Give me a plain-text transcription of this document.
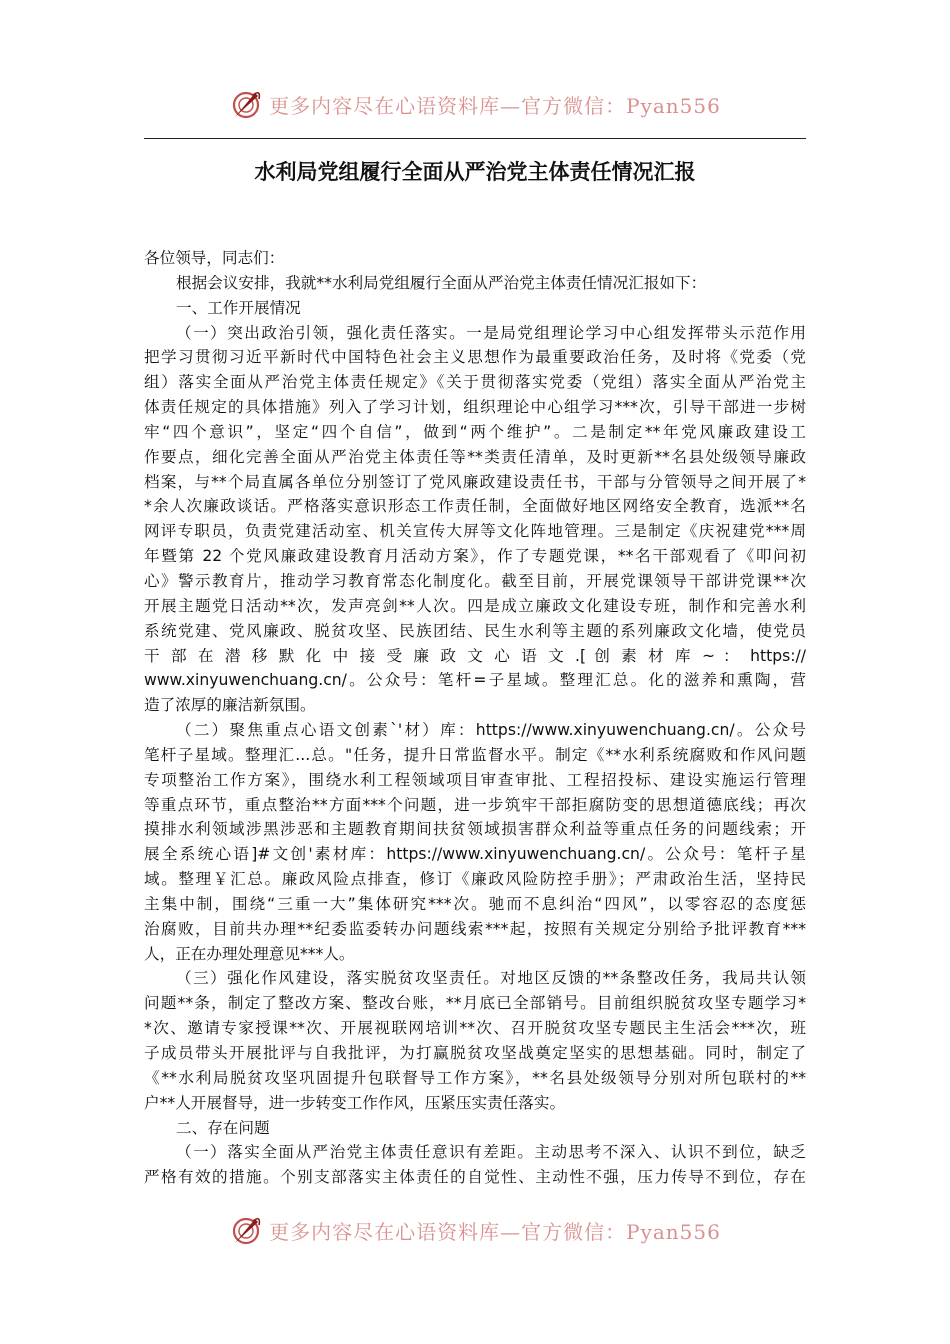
更多内容尽在心语资料库—官方微信：Pyan556
水利局党组履行全面从严治党主体责任情况汇报
各位领导，同志们：
根据会议安排，我就**水利局党组履行全面从严治党主体责任情况汇报如下：
一、工作开展情况
（一）突出政治引领，强化责任落实。一是局党组理论学习中心组发挥带头示范作用
把学习贯彻习近平新时代中国特色社会主义思想作为最重要政治任务，及时将《党委（党
组）落实全面从严治党主体责任规定》《关于贯彻落实党委（党组）落实全面从严治党主
体责任规定的具体措施》列入了学习计划，组织理论中心组学习***次，引导干部进一步树
牢“四个意识”，坚定“四个自信”，做到“两个维护”。二是制定**年党风廉政建设工
作要点，细化完善全面从严治党主体责任等**类责任清单，及时更新**名县处级领导廉政
档案，与**个局直属各单位分别签订了党风廉政建设责任书，干部与分管领导之间开展了*
*余人次廉政谈话。严格落实意识形态工作责任制，全面做好地区网络安全教育，选派**名
网评专职员，负责党建活动室、机关宣传大屏等文化阵地管理。三是制定《庆祝建党***周
年暨第 22 个党风廉政建设教育月活动方案》，作了专题党课，**名干部观看了《叩问初
心》警示教育片，推动学习教育常态化制度化。截至目前，开展党课领导干部讲党课**次
开展主题党日活动**次，发声亮剑**人次。四是成立廉政文化建设专班，制作和完善水利
系统党建、党风廉政、脱贫攻坚、民族团结、民生水利等主题的系列廉政文化墙，使党员
干 部 在 潜 移 默 化 中 接 受 廉 政 文 心 语 文 .[ 创 素 材 库 ~ ： https://
www.xinyuwenchuang.cn/。公众号：笔杆=子星域。整理汇总。化的滋养和熏陶，营
造了浓厚的廉洁新氛围。
（二）聚焦重点心语文创素`'材）库：https://www.xinyuwenchuang.cn/。公众号
笔杆子星域。整理汇...总。"任务，提升日常监督水平。制定《**水利系统腐败和作风问题
专项整治工作方案》，围绕水利工程领域项目审查审批、工程招投标、建设实施运行管理
等重点环节，重点整治**方面***个问题，进一步筑牢干部拒腐防变的思想道德底线；再次
摸排水利领域涉黑涉恶和主题教育期间扶贫领域损害群众利益等重点任务的问题线索；开
展全系统心语]#文创'素材库：https://www.xinyuwenchuang.cn/。公众号：笔杆子星
域。整理￥汇总。廉政风险点排查，修订《廉政风险防控手册》；严肃政治生活，坚持民
主集中制，围绕“三重一大”集体研究***次。驰而不息纠治“四风”，以零容忍的态度惩
治腐败，目前共办理**纪委监委转办问题线索***起，按照有关规定分别给予批评教育***
人，正在办理处理意见***人。
（三）强化作风建设，落实脱贫攻坚责任。对地区反馈的**条整改任务，我局共认领
问题**条，制定了整改方案、整改台账，**月底已全部销号。目前组织脱贫攻坚专题学习*
*次、邀请专家授课**次、开展视联网培训**次、召开脱贫攻坚专题民主生活会***次，班
子成员带头开展批评与自我批评，为打赢脱贫攻坚战奠定坚实的思想基础。同时，制定了
《**水利局脱贫攻坚巩固提升包联督导工作方案》，**名县处级领导分别对所包联村的**
户**人开展督导，进一步转变工作作风，压紧压实责任落实。
二、存在问题
（一）落实全面从严治党主体责任意识有差距。主动思考不深入、认识不到位，缺乏
严格有效的措施。个别支部落实主体责任的自觉性、主动性不强，压力传导不到位，存在
更多内容尽在心语资料库—官方微信：Pyan556
